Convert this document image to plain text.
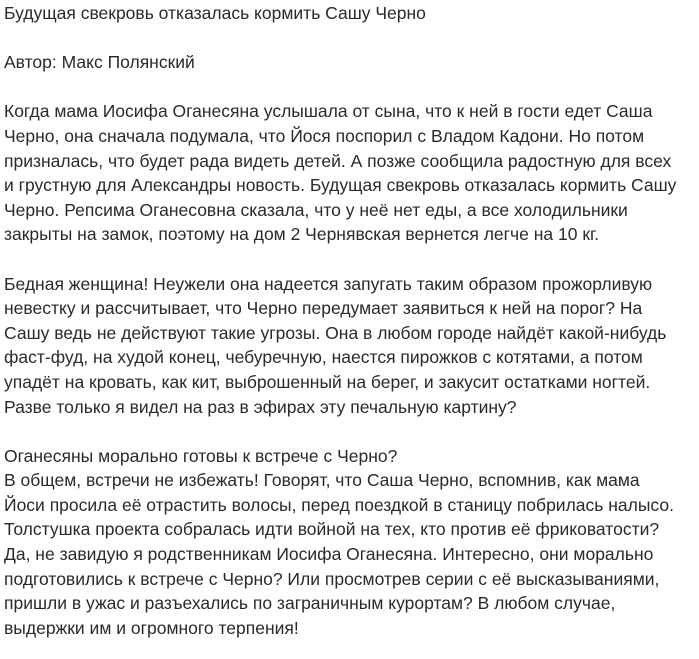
Будущая свекровь отказалась кормить Сашу Черно
Автор: Макс Полянский
Когда мама Иосифа Оганесяна услышала от сына, что к ней в гости едет Саша
Черно, она сначала подумала, что Йося поспорил с Владом Кадони. Но потом
призналась, что будет рада видеть детей. А позже сообщила радостную для всех
и грустную для Александры новость. Будущая свекровь отказалась кормить Сашу
Черно. Репсима Оганесовна сказала, что у неё нет еды, а все холодильники
закрыты на замок, поэтому на дом 2 Чернявская вернется легче на 10 кг.
Бедная женщина! Неужели она надеется запугать таким образом прожорливую
невестку и рассчитывает, что Черно передумает заявиться к ней на порог? На
Сашу ведь не действуют такие угрозы. Она в любом городе найдёт какой-нибудь
фаст-фуд, на худой конец, чебуречную, наестся пирожков с котятами, а потом
упадёт на кровать, как кит, выброшенный на берег, и закусит остатками ногтей.
Разве только я видел на раз в эфирах эту печальную картину?
Оганесяны морально готовы к встрече с Черно?
В общем, встречи не избежать! Говорят, что Саша Черно, вспомнив, как мама
Йоси просила её отрастить волосы, перед поездкой в станицу побрилась налысо.
Толстушка проекта собралась идти войной на тех, кто против её фриковатости?
Да, не завидую я родственникам Иосифа Оганесяна. Интересно, они морально
подготовились к встрече с Черно? Или просмотрев серии с её высказываниями,
пришли в ужас и разъехались по заграничным курортам? В любом случае,
выдержки им и огромного терпения!
